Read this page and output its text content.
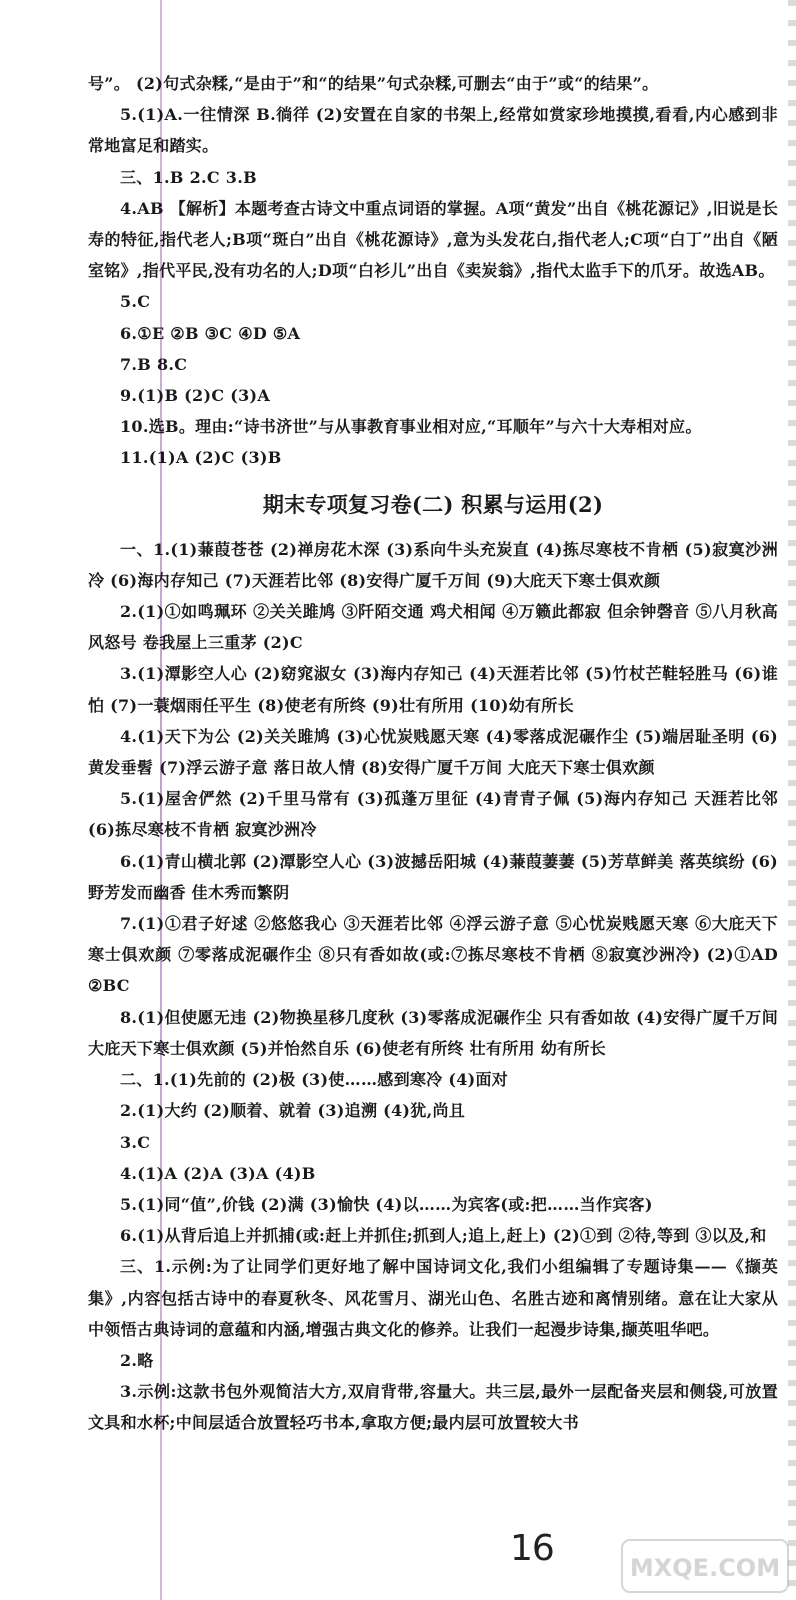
号”。 (2)句式杂糅,“是由于”和“的结果”句式杂糅,可删去“由于”或“的结果”。

5.(1)A.一往情深 B.徜徉 (2)安置在自家的书架上,经常如赏家珍地摸摸,看看,内心感到非常地富足和踏实。

三、1.B 2.C 3.B

4.AB 【解析】本题考查古诗文中重点词语的掌握。A项“黄发”出自《桃花源记》,旧说是长寿的特征,指代老人;B项“斑白”出自《桃花源诗》,意为头发花白,指代老人;C项“白丁”出自《陋室铭》,指代平民,没有功名的人;D项“白衫儿”出自《卖炭翁》,指代太监手下的爪牙。故选AB。

5.C

6.①E ②B ③C ④D ⑤A

7.B 8.C

9.(1)B (2)C (3)A

10.选B。理由:“诗书济世”与从事教育事业相对应,“耳顺年”与六十大寿相对应。

11.(1)A (2)C (3)B

期末专项复习卷(二) 积累与运用(2)

一、1.(1)蒹葭苍苍 (2)禅房花木深 (3)系向牛头充炭直 (4)拣尽寒枝不肯栖 (5)寂寞沙洲冷 (6)海内存知己 (7)天涯若比邻 (8)安得广厦千万间 (9)大庇天下寒士俱欢颜

2.(1)①如鸣珮环 ②关关雎鸠 ③阡陌交通 鸡犬相闻 ④万籁此都寂 但余钟磬音 ⑤八月秋高风怒号 卷我屋上三重茅 (2)C

3.(1)潭影空人心 (2)窈窕淑女 (3)海内存知己 (4)天涯若比邻 (5)竹杖芒鞋轻胜马 (6)谁怕 (7)一蓑烟雨任平生 (8)使老有所终 (9)壮有所用 (10)幼有所长

4.(1)天下为公 (2)关关雎鸠 (3)心忧炭贱愿天寒 (4)零落成泥碾作尘 (5)端居耻圣明 (6)黄发垂髫 (7)浮云游子意 落日故人情 (8)安得广厦千万间 大庇天下寒士俱欢颜

5.(1)屋舍俨然 (2)千里马常有 (3)孤蓬万里征 (4)青青子佩 (5)海内存知己 天涯若比邻 (6)拣尽寒枝不肯栖 寂寞沙洲冷

6.(1)青山横北郭 (2)潭影空人心 (3)波撼岳阳城 (4)蒹葭萋萋 (5)芳草鲜美 落英缤纷 (6)野芳发而幽香 佳木秀而繁阴

7.(1)①君子好逑 ②悠悠我心 ③天涯若比邻 ④浮云游子意 ⑤心忧炭贱愿天寒 ⑥大庇天下寒士俱欢颜 ⑦零落成泥碾作尘 ⑧只有香如故(或:⑦拣尽寒枝不肯栖 ⑧寂寞沙洲冷) (2)①AD ②BC

8.(1)但使愿无违 (2)物换星移几度秋 (3)零落成泥碾作尘 只有香如故 (4)安得广厦千万间 大庇天下寒士俱欢颜 (5)并怡然自乐 (6)使老有所终 壮有所用 幼有所长

二、1.(1)先前的 (2)极 (3)使……感到寒冷 (4)面对

2.(1)大约 (2)顺着、就着 (3)追溯 (4)犹,尚且

3.C

4.(1)A (2)A (3)A (4)B

5.(1)同“值”,价钱 (2)满 (3)愉快 (4)以……为宾客(或:把……当作宾客)

6.(1)从背后追上并抓捕(或:赶上并抓住;抓到人;追上,赶上) (2)①到 ②待,等到 ③以及,和

三、1.示例:为了让同学们更好地了解中国诗词文化,我们小组编辑了专题诗集——《撷英集》,内容包括古诗中的春夏秋冬、风花雪月、湖光山色、名胜古迹和离情别绪。意在让大家从中领悟古典诗词的意蕴和内涵,增强古典文化的修养。让我们一起漫步诗集,撷英咀华吧。

2.略

3.示例:这款书包外观简洁大方,双肩背带,容量大。共三层,最外一层配备夹层和侧袋,可放置文具和水杯;中间层适合放置轻巧书本,拿取方便;最内层可放置较大书

16	MXQE.COM
